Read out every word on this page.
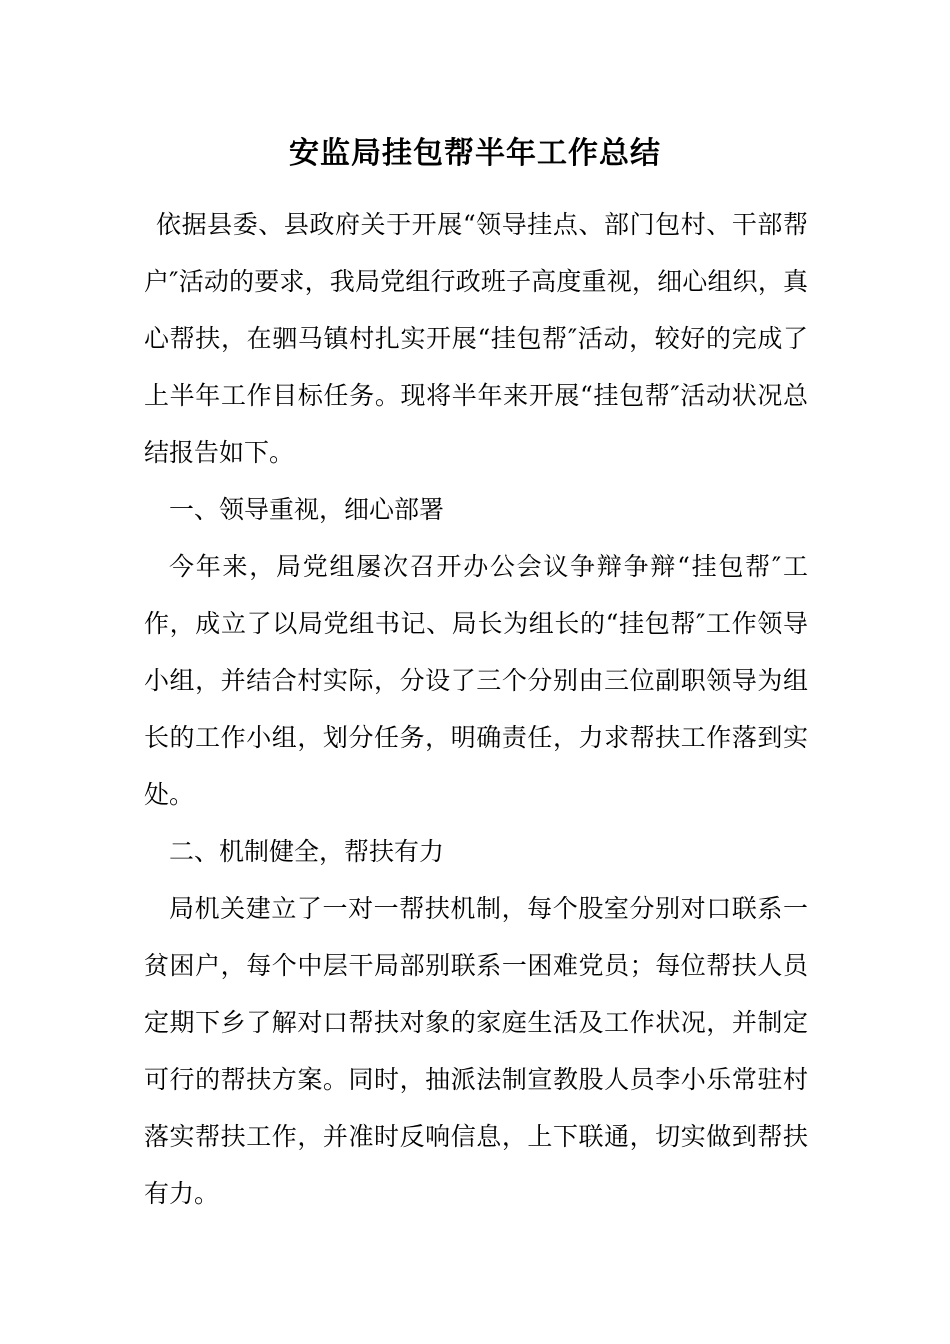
安监局挂包帮半年工作总结

依据县委、县政府关于开展“领导挂点、部门包村、干部帮户″活动的要求，我局党组行政班子高度重视，细心组织，真心帮扶，在驷马镇村扎实开展“挂包帮″活动，较好的完成了上半年工作目标任务。现将半年来开展“挂包帮″活动状况总结报告如下。

一、领导重视，细心部署

今年来，局党组屡次召开办公会议争辩争辩“挂包帮″工作，成立了以局党组书记、局长为组长的“挂包帮″工作领导小组，并结合村实际，分设了三个分别由三位副职领导为组长的工作小组，划分任务，明确责任，力求帮扶工作落到实处。

二、机制健全，帮扶有力

局机关建立了一对一帮扶机制，每个股室分别对口联系一贫困户，每个中层干局部别联系一困难党员；每位帮扶人员定期下乡了解对口帮扶对象的家庭生活及工作状况，并制定可行的帮扶方案。同时，抽派法制宣教股人员李小乐常驻村落实帮扶工作，并准时反响信息，上下联通，切实做到帮扶有力。
